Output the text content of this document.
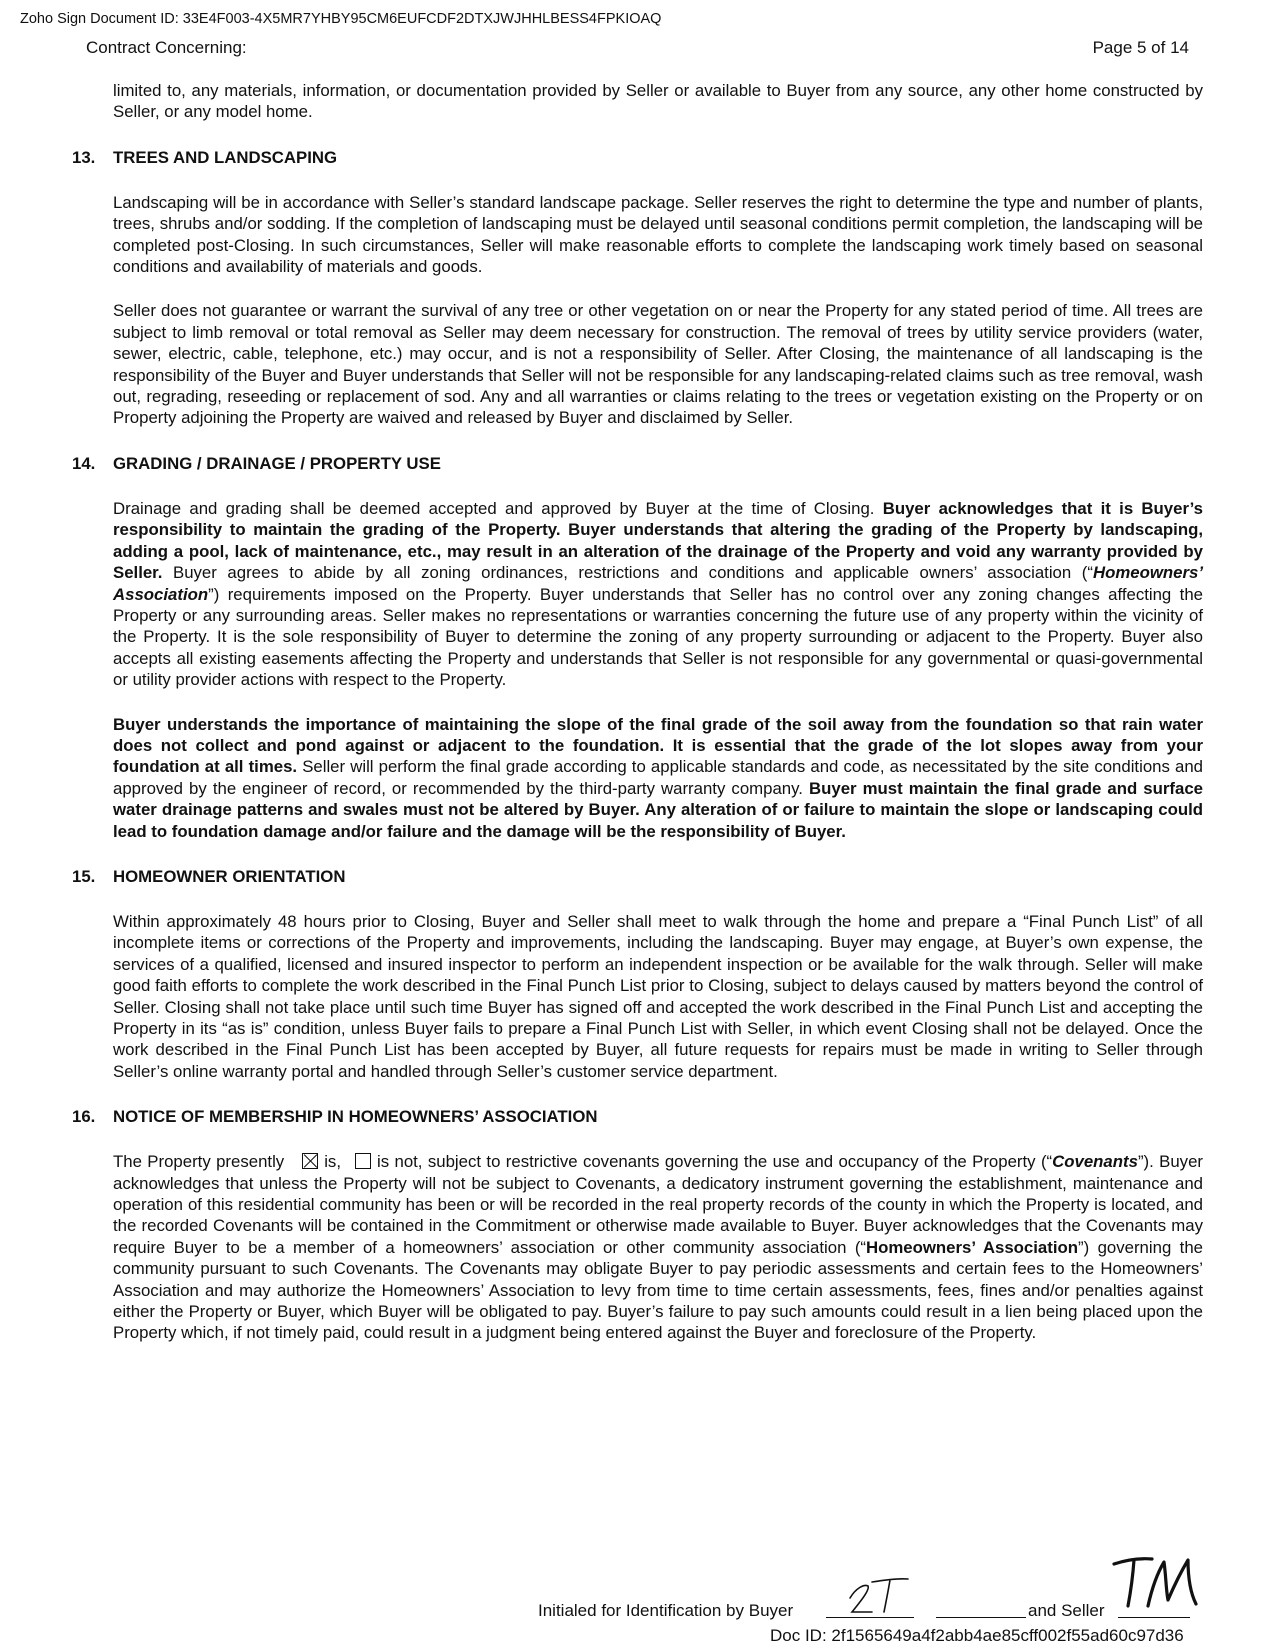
Zoho Sign Document ID: 33E4F003-4X5MR7YHBY95CM6EUFCDF2DTXJWJHHLBESS4FPKIOAQ
Contract Concerning:	Page 5 of 14

limited to, any materials, information, or documentation provided by Seller or available to Buyer from any source, any other home constructed by Seller, or any model home.

13.	TREES AND LANDSCAPING

Landscaping will be in accordance with Seller’s standard landscape package. Seller reserves the right to determine the type and number of plants, trees, shrubs and/or sodding. If the completion of landscaping must be delayed until seasonal conditions permit completion, the landscaping will be completed post-Closing. In such circumstances, Seller will make reasonable efforts to complete the landscaping work timely based on seasonal conditions and availability of materials and goods.

Seller does not guarantee or warrant the survival of any tree or other vegetation on or near the Property for any stated period of time. All trees are subject to limb removal or total removal as Seller may deem necessary for construction. The removal of trees by utility service providers (water, sewer, electric, cable, telephone, etc.) may occur, and is not a responsibility of Seller. After Closing, the maintenance of all landscaping is the responsibility of the Buyer and Buyer understands that Seller will not be responsible for any landscaping-related claims such as tree removal, wash out, regrading, reseeding or replacement of sod. Any and all warranties or claims relating to the trees or vegetation existing on the Property or on Property adjoining the Property are waived and released by Buyer and disclaimed by Seller.

14.	GRADING / DRAINAGE / PROPERTY USE

Drainage and grading shall be deemed accepted and approved by Buyer at the time of Closing. Buyer acknowledges that it is Buyer’s responsibility to maintain the grading of the Property. Buyer understands that altering the grading of the Property by landscaping, adding a pool, lack of maintenance, etc., may result in an alteration of the drainage of the Property and void any warranty provided by Seller. Buyer agrees to abide by all zoning ordinances, restrictions and conditions and applicable owners’ association (“Homeowners’ Association”) requirements imposed on the Property. Buyer understands that Seller has no control over any zoning changes affecting the Property or any surrounding areas. Seller makes no representations or warranties concerning the future use of any property within the vicinity of the Property. It is the sole responsibility of Buyer to determine the zoning of any property surrounding or adjacent to the Property. Buyer also accepts all existing easements affecting the Property and understands that Seller is not responsible for any governmental or quasi-governmental or utility provider actions with respect to the Property.

Buyer understands the importance of maintaining the slope of the final grade of the soil away from the foundation so that rain water does not collect and pond against or adjacent to the foundation. It is essential that the grade of the lot slopes away from your foundation at all times. Seller will perform the final grade according to applicable standards and code, as necessitated by the site conditions and approved by the engineer of record, or recommended by the third-party warranty company. Buyer must maintain the final grade and surface water drainage patterns and swales must not be altered by Buyer. Any alteration of or failure to maintain the slope or landscaping could lead to foundation damage and/or failure and the damage will be the responsibility of Buyer.

15.	HOMEOWNER ORIENTATION

Within approximately 48 hours prior to Closing, Buyer and Seller shall meet to walk through the home and prepare a “Final Punch List” of all incomplete items or corrections of the Property and improvements, including the landscaping. Buyer may engage, at Buyer’s own expense, the services of a qualified, licensed and insured inspector to perform an independent inspection or be available for the walk through. Seller will make good faith efforts to complete the work described in the Final Punch List prior to Closing, subject to delays caused by matters beyond the control of Seller. Closing shall not take place until such time Buyer has signed off and accepted the work described in the Final Punch List and accepting the Property in its “as is” condition, unless Buyer fails to prepare a Final Punch List with Seller, in which event Closing shall not be delayed. Once the work described in the Final Punch List has been accepted by Buyer, all future requests for repairs must be made in writing to Seller through Seller’s online warranty portal and handled through Seller’s customer service department.

16.	NOTICE OF MEMBERSHIP IN HOMEOWNERS’ ASSOCIATION

The Property presently is, is not, subject to restrictive covenants governing the use and occupancy of the Property (“Covenants”). Buyer acknowledges that unless the Property will not be subject to Covenants, a dedicatory instrument governing the establishment, maintenance and operation of this residential community has been or will be recorded in the real property records of the county in which the Property is located, and the recorded Covenants will be contained in the Commitment or otherwise made available to Buyer. Buyer acknowledges that the Covenants may require Buyer to be a member of a homeowners’ association or other community association (“Homeowners’ Association”) governing the community pursuant to such Covenants. The Covenants may obligate Buyer to pay periodic assessments and certain fees to the Homeowners’ Association and may authorize the Homeowners’ Association to levy from time to time certain assessments, fees, fines and/or penalties against either the Property or Buyer, which Buyer will be obligated to pay. Buyer’s failure to pay such amounts could result in a lien being placed upon the Property which, if not timely paid, could result in a judgment being entered against the Buyer and foreclosure of the Property.

Initialed for Identification by Buyer	and Seller
Doc ID: 2f1565649a4f2abb4ae85cff002f55ad60c97d36
